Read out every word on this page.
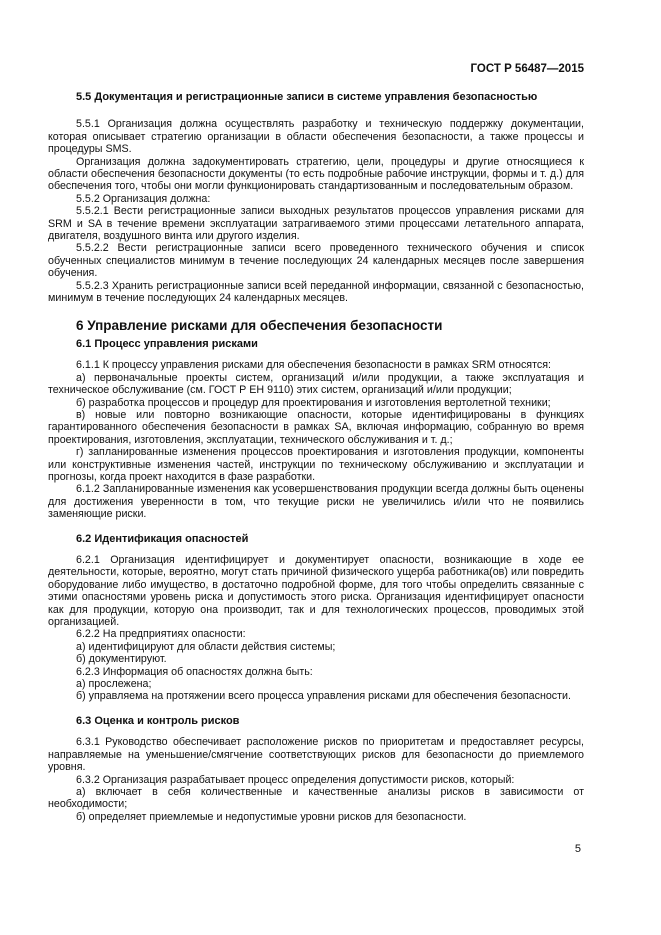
ГОСТ Р 56487—2015
5.5 Документация и регистрационные записи в системе управления безопасностью

5.5.1 Организация должна осуществлять разработку и техническую поддержку документации, которая описывает стратегию организации в области обеспечения безопасности, а также процессы и процедуры SMS.

Организация должна задокументировать стратегию, цели, процедуры и другие относящиеся к области обеспечения безопасности документы (то есть подробные рабочие инструкции, формы и т. д.) для обеспечения того, чтобы они могли функционировать стандартизованным и последовательным образом.

5.5.2 Организация должна:

5.5.2.1 Вести регистрационные записи выходных результатов процессов управления рисками для SRM и SA в течение времени эксплуатации затрагиваемого этими процессами летательного аппарата, двигателя, воздушного винта или другого изделия.

5.5.2.2 Вести регистрационные записи всего проведенного технического обучения и список обученных специалистов минимум в течение последующих 24 календарных месяцев после завершения обучения.

5.5.2.3 Хранить регистрационные записи всей переданной информации, связанной с безопасностью, минимум в течение последующих 24 календарных месяцев.

6 Управление рисками для обеспечения безопасности
6.1 Процесс управления рисками

6.1.1 К процессу управления рисками для обеспечения безопасности в рамках SRM относятся:

а) первоначальные проекты систем, организаций и/или продукции, а также эксплуатация и техническое обслуживание (см. ГОСТ Р ЕН 9110) этих систем, организаций и/или продукции;

б) разработка процессов и процедур для проектирования и изготовления вертолетной техники;

в) новые или повторно возникающие опасности, которые идентифицированы в функциях гарантированного обеспечения безопасности в рамках SA, включая информацию, собранную во время проектирования, изготовления, эксплуатации, технического обслуживания и т. д.;

г) запланированные изменения процессов проектирования и изготовления продукции, компоненты или конструктивные изменения частей, инструкции по техническому обслуживанию и эксплуатации и прогнозы, когда проект находится в фазе разработки.

6.1.2 Запланированные изменения как усовершенствования продукции всегда должны быть оценены для достижения уверенности в том, что текущие риски не увеличились и/или что не появились заменяющие риски.

6.2 Идентификация опасностей

6.2.1 Организация идентифицирует и документирует опасности, возникающие в ходе ее деятельности, которые, вероятно, могут стать причиной физического ущерба работника(ов) или повредить оборудование либо имущество, в достаточно подробной форме, для того чтобы определить связанные с этими опасностями уровень риска и допустимость этого риска. Организация идентифицирует опасности как для продукции, которую она производит, так и для технологических процессов, проводимых этой организацией.

6.2.2 На предприятиях опасности:

а) идентифицируют для области действия системы;

б) документируют.

6.2.3 Информация об опасностях должна быть:

а) прослежена;

б) управляема на протяжении всего процесса управления рисками для обеспечения безопасности.

6.3 Оценка и контроль рисков

6.3.1 Руководство обеспечивает расположение рисков по приоритетам и предоставляет ресурсы, направляемые на уменьшение/смягчение соответствующих рисков для безопасности до приемлемого уровня.

6.3.2 Организация разрабатывает процесс определения допустимости рисков, который:

а) включает в себя количественные и качественные анализы рисков в зависимости от необходимости;

б) определяет приемлемые и недопустимые уровни рисков для безопасности.

5
